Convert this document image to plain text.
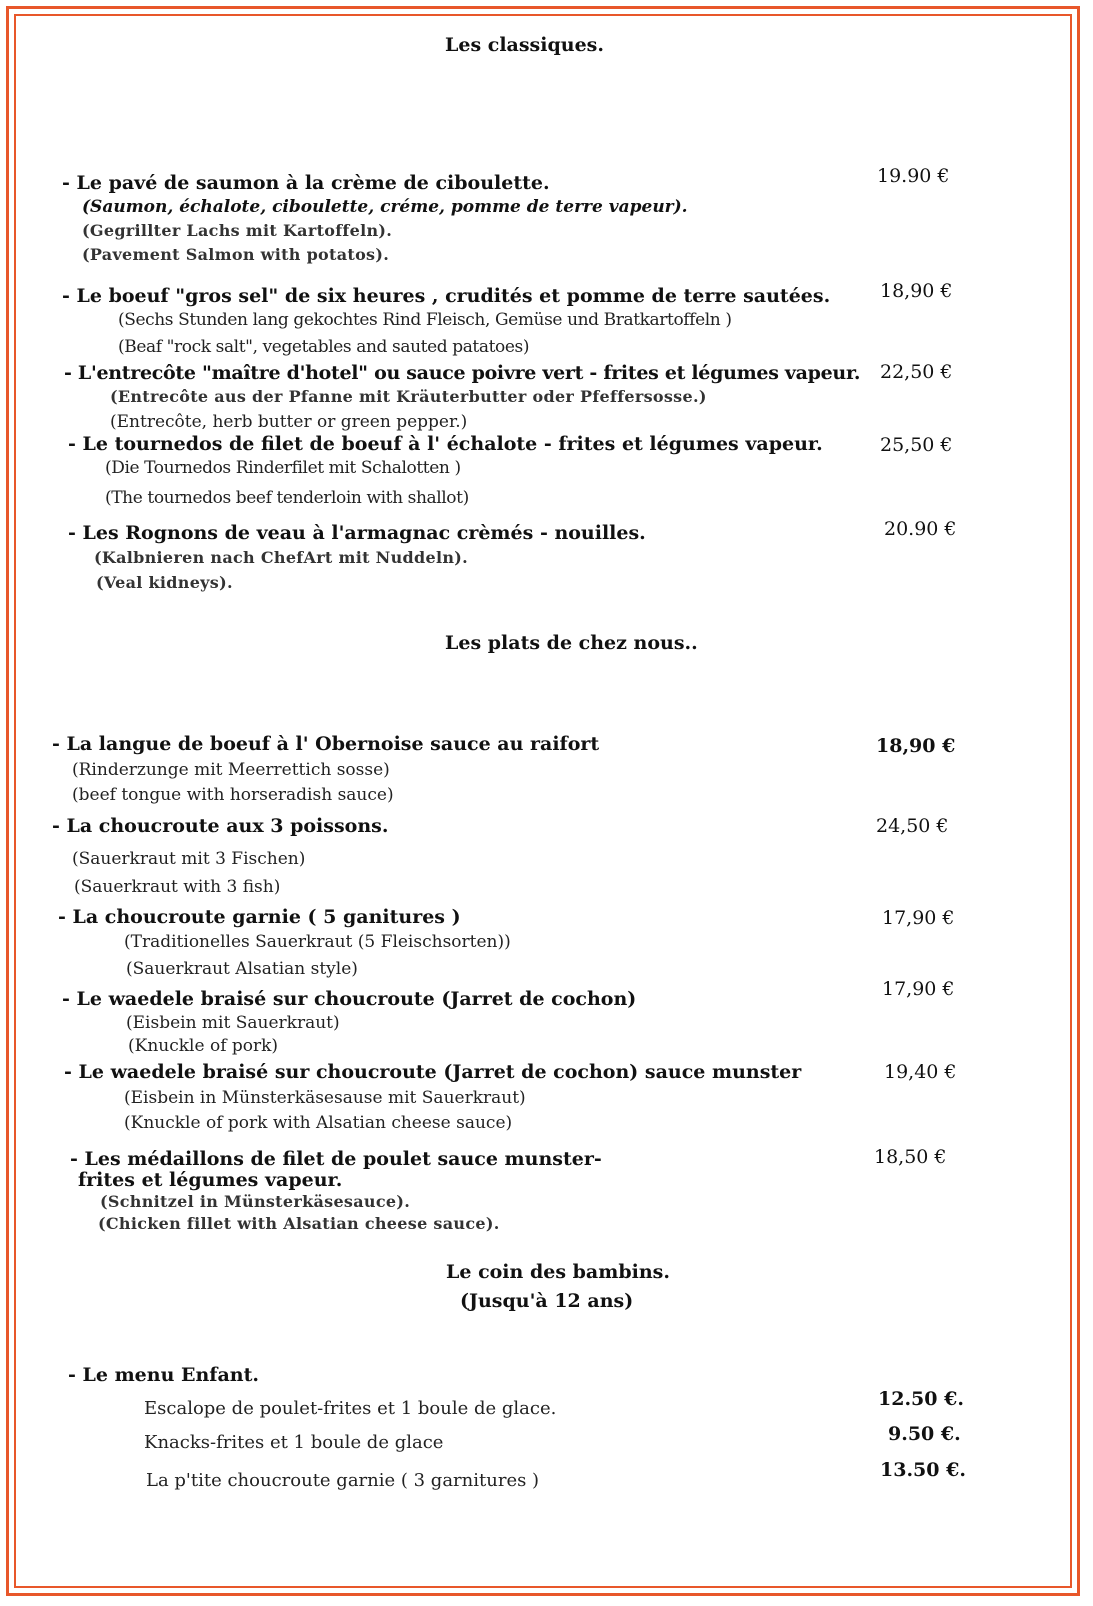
Les classiques.
- Le pavé de saumon à la crème de ciboulette.
(Saumon, échalote, ciboulette, créme, pomme de terre vapeur).
(Gegrillter Lachs mit Kartoffeln).
(Pavement Salmon with potatos).
19.90 €
- Le boeuf "gros sel" de six heures , crudités et pomme de terre sautées.
(Sechs Stunden lang gekochtes Rind Fleisch, Gemüse und Bratkartoffeln )
(Beaf "rock salt", vegetables and sauted patatoes)
18,90 €
- L'entrecôte "maître d'hotel" ou sauce poivre vert - frites et légumes vapeur.
(Entrecôte aus der Pfanne mit Kräuterbutter oder Pfeffersosse.)
(Entrecôte, herb butter or green pepper.)
22,50 €
- Le tournedos de filet de boeuf à l' échalote - frites et légumes vapeur.
(Die Tournedos Rinderfilet mit Schalotten )
(The tournedos beef tenderloin with shallot)
25,50 €
- Les Rognons de veau à l'armagnac crèmés - nouilles.
(Kalbnieren nach ChefArt mit Nuddeln).
(Veal kidneys).
20.90 €
Les plats de chez nous..
- La langue de boeuf à l' Obernoise sauce au raifort
(Rinderzunge mit Meerrettich sosse)
(beef tongue with horseradish sauce)
18,90 €
- La choucroute aux 3 poissons.
(Sauerkraut mit 3 Fischen)
(Sauerkraut with 3 fish)
24,50 €
- La choucroute garnie ( 5 ganitures )
(Traditionelles Sauerkraut (5 Fleischsorten))
(Sauerkraut Alsatian style)
17,90 €
- Le waedele braisé sur choucroute (Jarret de cochon)
(Eisbein mit Sauerkraut)
(Knuckle of pork)
17,90 €
- Le waedele braisé sur choucroute (Jarret de cochon) sauce munster
(Eisbein in Münsterkäsesause mit Sauerkraut)
(Knuckle of pork with Alsatian cheese sauce)
19,40 €
- Les médaillons de filet de poulet sauce munster-
frites et légumes vapeur.
(Schnitzel in Münsterkäsesauce).
(Chicken fillet with Alsatian cheese sauce).
18,50 €
Le coin des bambins.
(Jusqu'à 12 ans)
- Le menu Enfant.
Escalope de poulet-frites et 1 boule de glace.	12.50 €.
Knacks-frites et 1 boule de glace	9.50 €.
La p'tite choucroute garnie ( 3 garnitures )	13.50 €.
